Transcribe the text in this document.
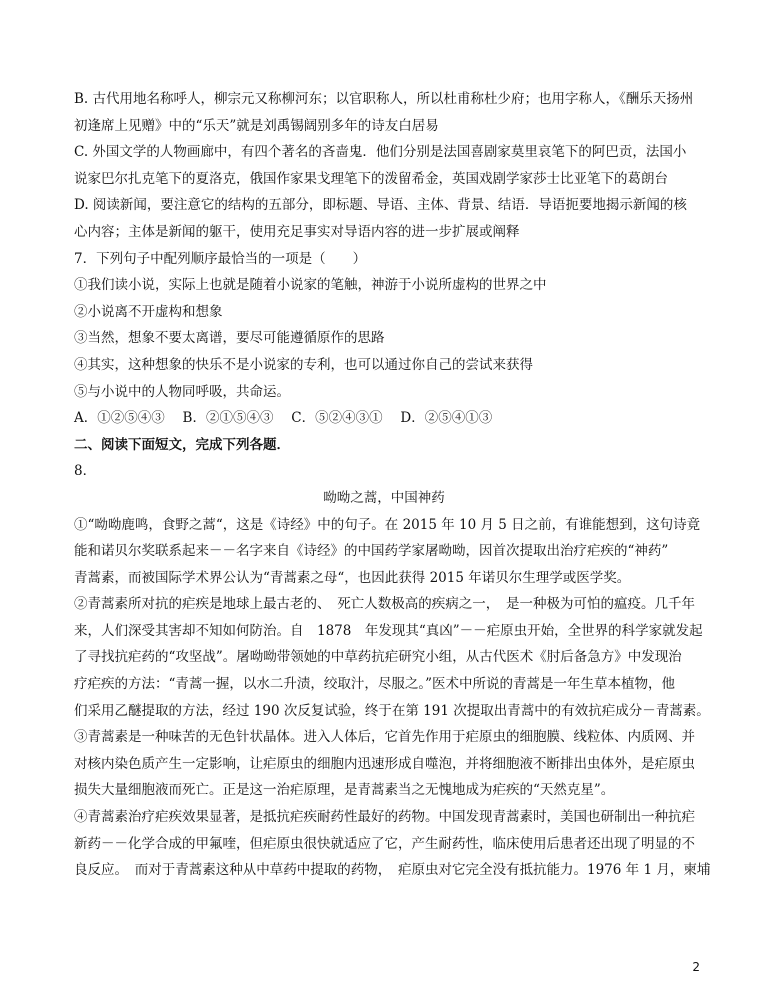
B. 古代用地名称呼人，柳宗元又称柳河东；以官职称人，所以杜甫称杜少府；也用字称人，《酬乐天扬州
初逢席上见赠》中的“乐天”就是刘禹锡阔别多年的诗友白居易
C. 外国文学的人物画廊中，有四个著名的吝啬鬼．他们分别是法国喜剧家莫里哀笔下的阿巴贡，法国小
说家巴尔扎克笔下的夏洛克，俄国作家果戈理笔下的泼留希金，英国戏剧学家莎士比亚笔下的葛朗台
D. 阅读新闻，要注意它的结构的五部分，即标题、导语、主体、背景、结语．导语扼要地揭示新闻的核
心内容；主体是新闻的躯干，使用充足事实对导语内容的进一步扩展或阐释
7．下列句子中配列顺序最恰当的一项是（　　）
①我们读小说，实际上也就是随着小说家的笔触，神游于小说所虚构的世界之中
②小说离不开虚构和想象
③当然，想象不要太离谱，要尽可能遵循原作的思路
④其实，这种想象的快乐不是小说家的专利，也可以通过你自己的尝试来获得
⑤与小说中的人物同呼吸，共命运。
A．①②⑤④③　 B．②①⑤④③　 C．⑤②④③①　 D．②⑤④①③
二、阅读下面短文，完成下列各题．
8．
呦呦之蒿，中国神药
①“呦呦鹿鸣，食野之蒿“，这是《诗经》中的句子。在 2015 年 10 月 5 日之前，有谁能想到，这句诗竟
能和诺贝尔奖联系起来－－名字来自《诗经》的中国药学家屠呦呦，因首次提取出治疗疟疾的“神药”
青蒿素，而被国际学术界公认为“青蒿素之母“，也因此获得 2015 年诺贝尔生理学或医学奖。
②青蒿素所对抗的疟疾是地球上最古老的、　死亡人数极高的疾病之一，　是一种极为可怕的瘟疫。几千年
来，人们深受其害却不知如何防治。自　1878　年发现其“真凶”－－疟原虫开始，全世界的科学家就发起
了寻找抗疟药的“攻坚战”。屠呦呦带领她的中草药抗疟研究小组，从古代医术《肘后备急方》中发现治
疗疟疾的方法：“青蒿一握，以水二升渍，绞取汁，尽服之。”医术中所说的青蒿是一年生草本植物，他
们采用乙醚提取的方法，经过 190 次反复试验，终于在第 191 次提取出青蒿中的有效抗疟成分－青蒿素。
③青蒿素是一种味苦的无色针状晶体。进入人体后，它首先作用于疟原虫的细胞膜、线粒体、内质网、并
对核内染色质产生一定影响，让疟原虫的细胞内迅速形成自噬泡，并将细胞液不断排出虫体外，是疟原虫
损失大量细胞液而死亡。正是这一治疟原理，是青蒿素当之无愧地成为疟疾的“天然克星”。
④青蒿素治疗疟疾效果显著，是抵抗疟疾耐药性最好的药物。中国发现青蒿素时，美国也研制出一种抗疟
新药－－化学合成的甲氟喹，但疟原虫很快就适应了它，产生耐药性，临床使用后患者还出现了明显的不
良反应。　而对于青蒿素这种从中草药中提取的药物，　疟原虫对它完全没有抵抗能力。1976 年 1 月，柬埔
2
